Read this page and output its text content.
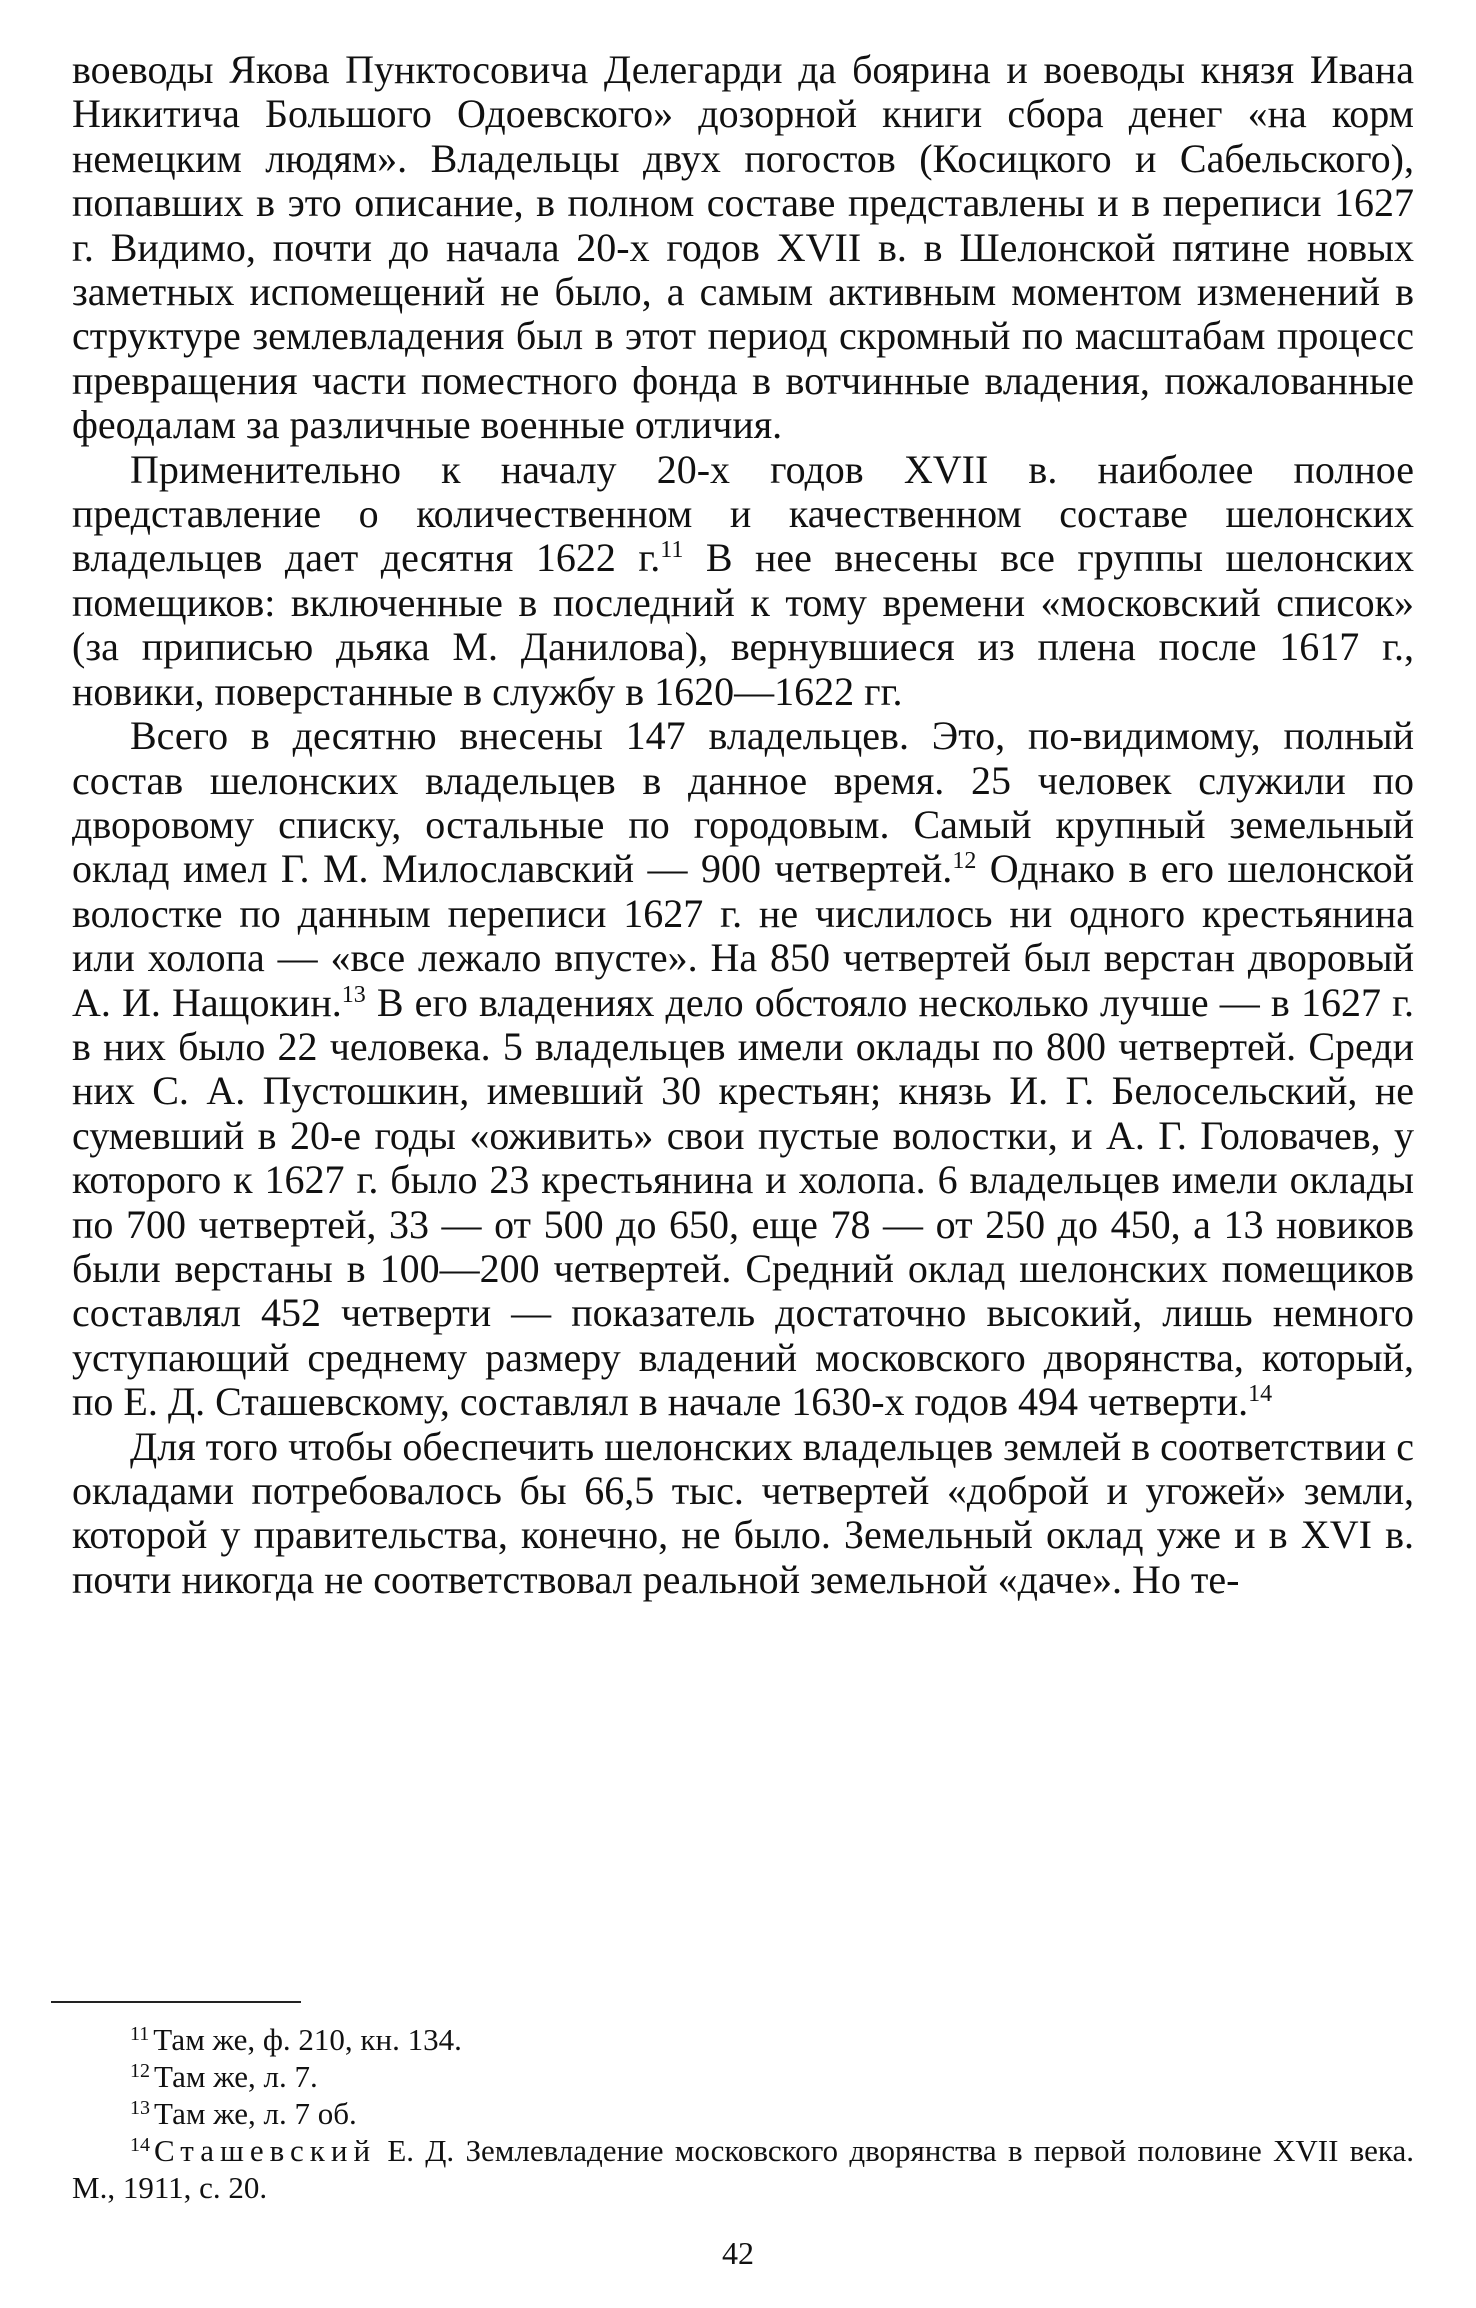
воеводы Якова Пунктосовича Делегарди да боярина и воеводы князя Ивана Никитича Большого Одоевского» дозорной книги сбора денег «на корм немецким людям». Владельцы двух погостов (Косицкого и Сабельского), попавших в это описание, в полном составе представлены и в переписи 1627 г. Видимо, почти до начала 20-х годов XVII в. в Шелонской пятине новых заметных испомещений не было, а самым активным моментом изменений в структуре землевладения был в этот период скромный по масштабам процесс превращения части поместного фонда в вотчинные владения, пожалованные феодалам за различные военные отличия.

Применительно к началу 20-х годов XVII в. наиболее полное представление о количественном и качественном составе шелонских владельцев дает десятня 1622 г.$^{11}$ В нее внесены все группы шелонских помещиков: включенные в последний к тому времени «московский список» (за приписью дьяка М. Данилова), вернувшиеся из плена после 1617 г., новики, поверстанные в службу в 1620—1622 гг.

Всего в десятню внесены 147 владельцев. Это, по-видимому, полный состав шелонских владельцев в данное время. 25 человек служили по дворовому списку, остальные по городовым. Самый крупный земельный оклад имел Г. М. Милославский — 900 четвертей.$^{12}$ Однако в его шелонской волостке по данным переписи 1627 г. не числилось ни одного крестьянина или холопа — «все лежало впусте». На 850 четвертей был верстан дворовый А. И. Нащокин.$^{13}$ В его владениях дело обстояло несколько лучше — в 1627 г. в них было 22 человека. 5 владельцев имели оклады по 800 четвертей. Среди них С. А. Пустошкин, имевший 30 крестьян; князь И. Г. Белосельский, не сумевший в 20-е годы «оживить» свои пустые волостки, и А. Г. Головачев, у которого к 1627 г. было 23 крестьянина и холопа. 6 владельцев имели оклады по 700 четвертей, 33 — от 500 до 650, еще 78 — от 250 до 450, а 13 новиков были верстаны в 100—200 четвертей. Средний оклад шелонских помещиков составлял 452 четверти — показатель достаточно высокий, лишь немного уступающий среднему размеру владений московского дворянства, который, по Е. Д. Сташевскому, составлял в начале 1630-х годов 494 четверти.$^{14}$

Для того чтобы обеспечить шелонских владельцев землей в соответствии с окладами потребовалось бы 66,5 тыс. четвертей «доброй и угожей» земли, которой у правительства, конечно, не было. Земельный оклад уже и в XVI в. почти никогда не соответствовал реальной земельной «даче». Но те-

$^{11}$ Там же, ф. 210, кн. 134.

$^{12}$ Там же, л. 7.

$^{13}$ Там же, л. 7 об.

$^{14}$ Сташевский Е. Д. Землевладение московского дворянства в первой половине XVII века. М., 1911, с. 20.

42
